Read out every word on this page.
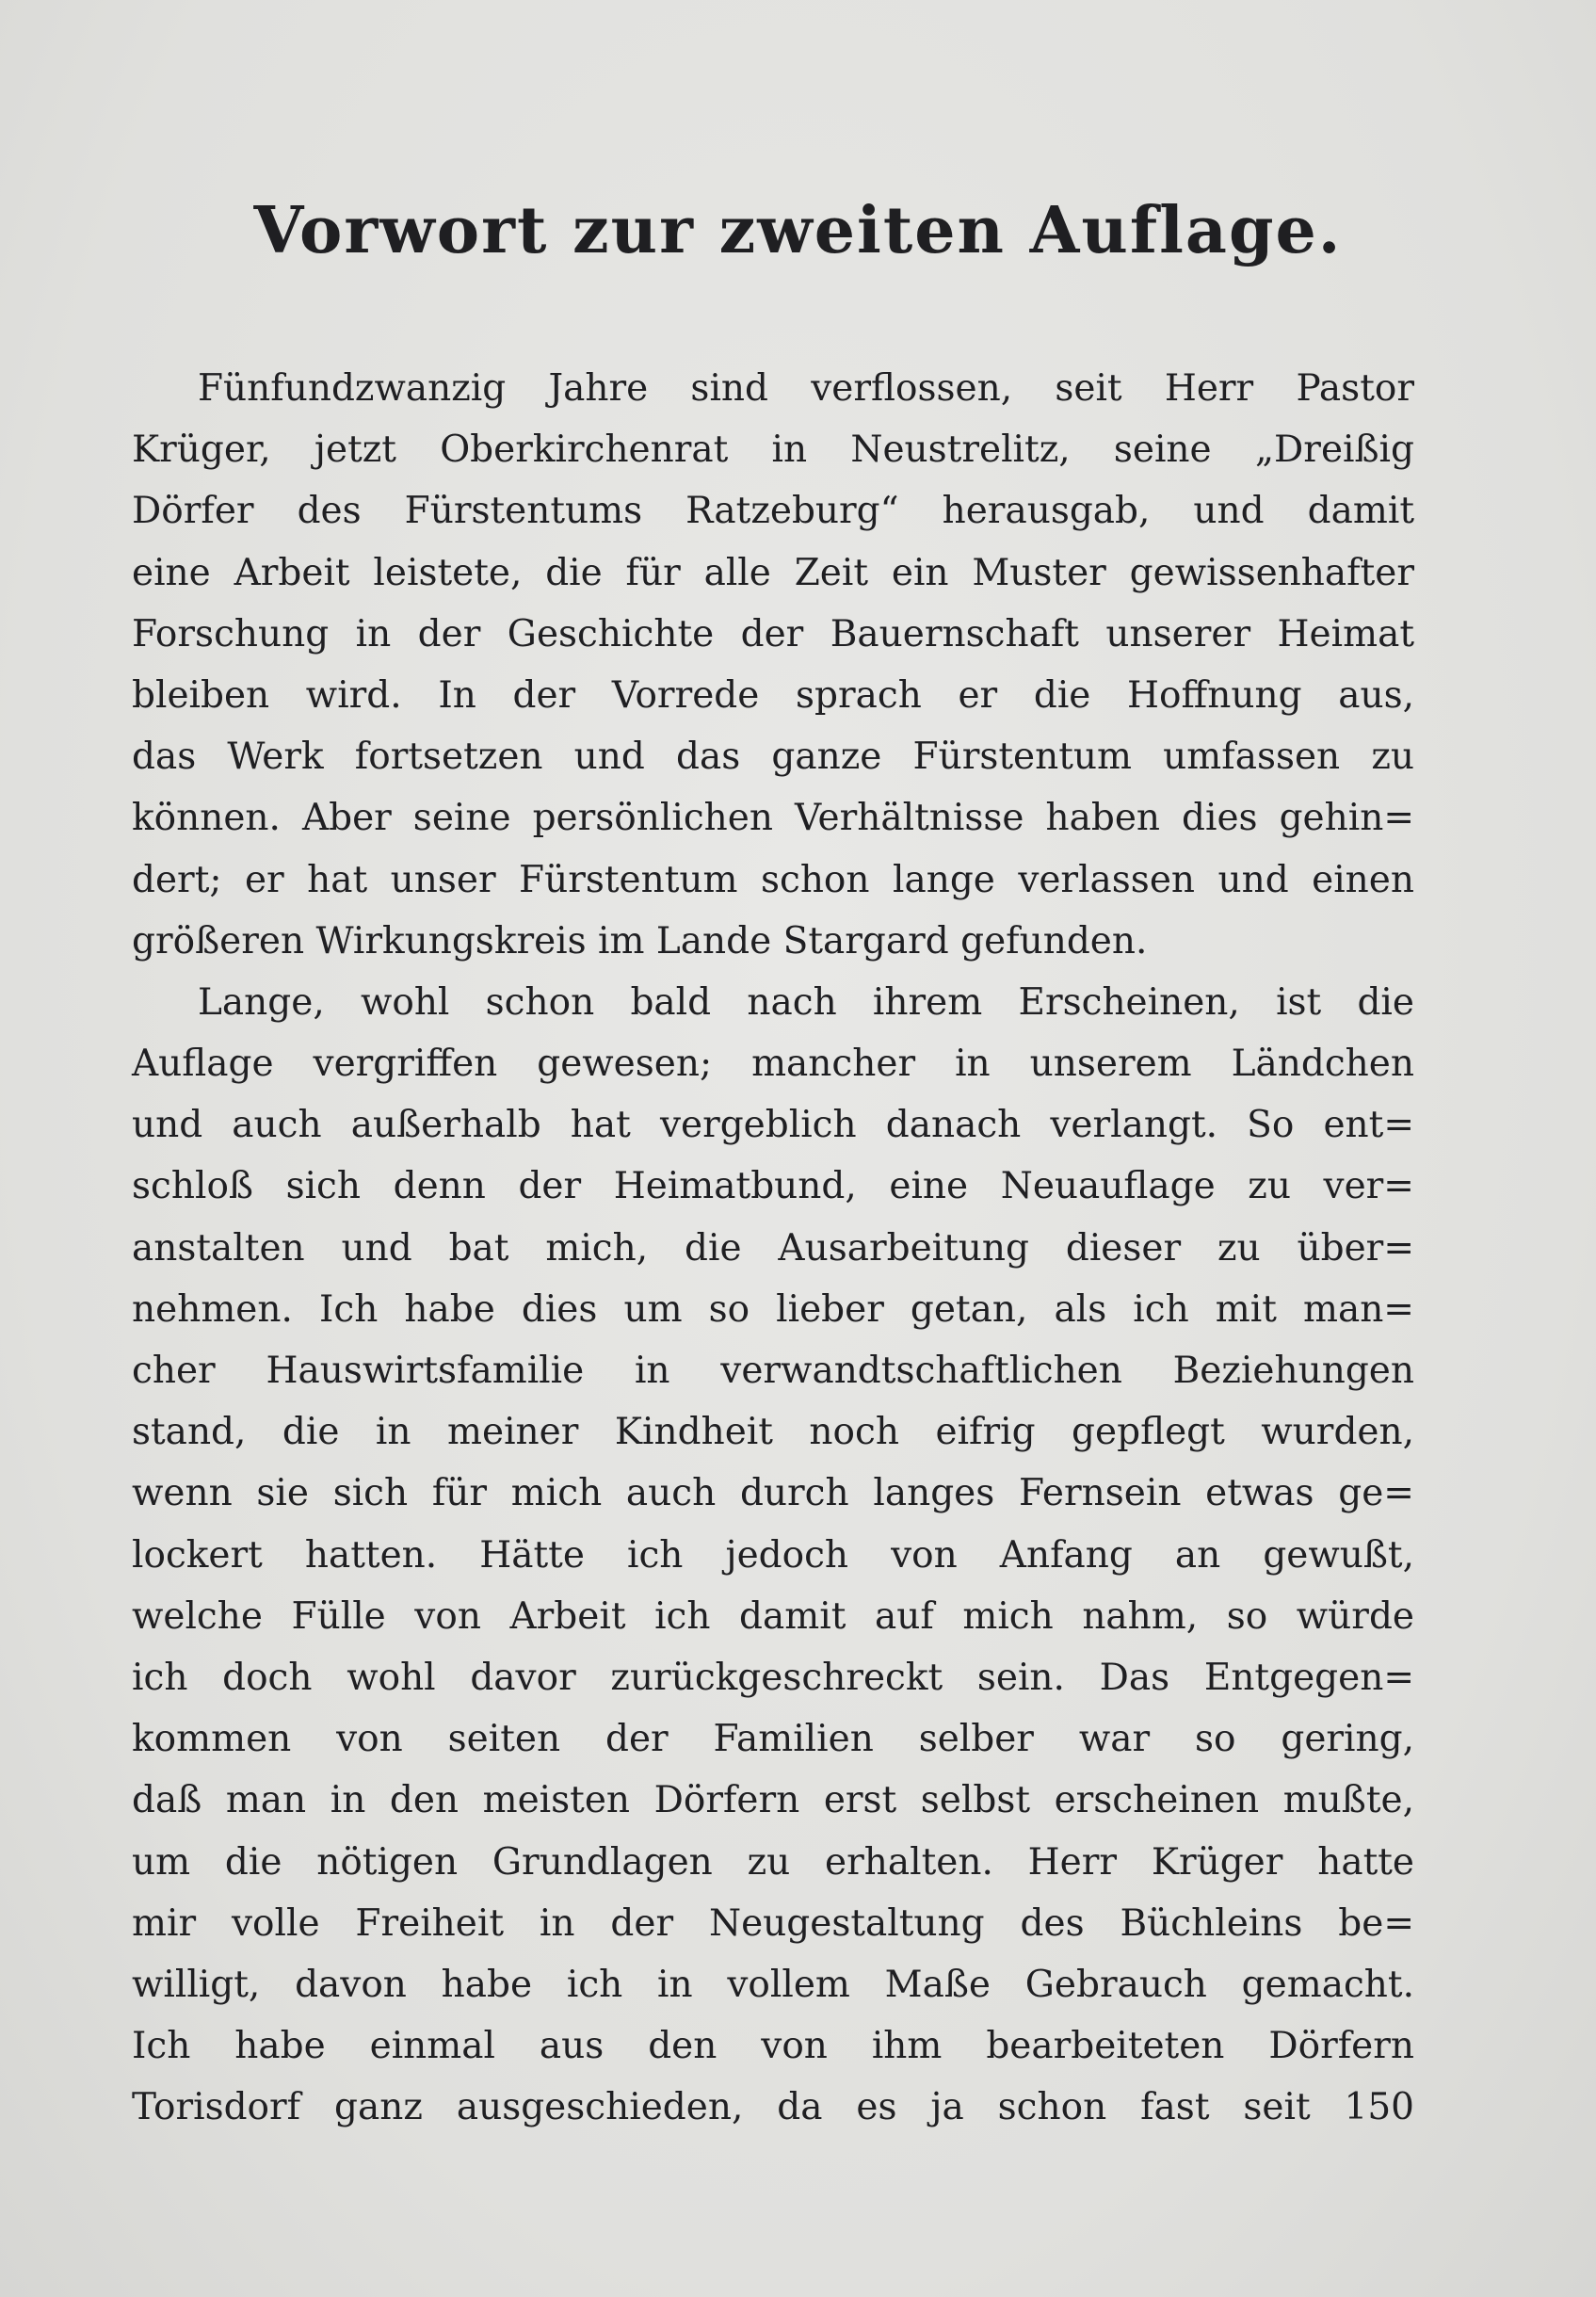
Vorwort zur zweiten Auflage.
Fünfundzwanzig Jahre sind verflossen, seit Herr Pastor
Krüger, jetzt Oberkirchenrat in Neustrelitz, seine „Dreißig
Dörfer des Fürstentums Ratzeburg“ herausgab, und damit
eine Arbeit leistete, die für alle Zeit ein Muster gewissenhafter
Forschung in der Geschichte der Bauernschaft unserer Heimat
bleiben wird. In der Vorrede sprach er die Hoffnung aus,
das Werk fortsetzen und das ganze Fürstentum umfassen zu
können. Aber seine persönlichen Verhältnisse haben dies gehin=
dert; er hat unser Fürstentum schon lange verlassen und einen
größeren Wirkungskreis im Lande Stargard gefunden.
Lange, wohl schon bald nach ihrem Erscheinen, ist die
Auflage vergriffen gewesen; mancher in unserem Ländchen
und auch außerhalb hat vergeblich danach verlangt. So ent=
schloß sich denn der Heimatbund, eine Neuauflage zu ver=
anstalten und bat mich, die Ausarbeitung dieser zu über=
nehmen. Ich habe dies um so lieber getan, als ich mit man=
cher Hauswirtsfamilie in verwandtschaftlichen Beziehungen
stand, die in meiner Kindheit noch eifrig gepflegt wurden,
wenn sie sich für mich auch durch langes Fernsein etwas ge=
lockert hatten. Hätte ich jedoch von Anfang an gewußt,
welche Fülle von Arbeit ich damit auf mich nahm, so würde
ich doch wohl davor zurückgeschreckt sein. Das Entgegen=
kommen von seiten der Familien selber war so gering,
daß man in den meisten Dörfern erst selbst erscheinen mußte,
um die nötigen Grundlagen zu erhalten. Herr Krüger hatte
mir volle Freiheit in der Neugestaltung des Büchleins be=
willigt, davon habe ich in vollem Maße Gebrauch gemacht.
Ich habe einmal aus den von ihm bearbeiteten Dörfern
Torisdorf ganz ausgeschieden, da es ja schon fast seit 150
